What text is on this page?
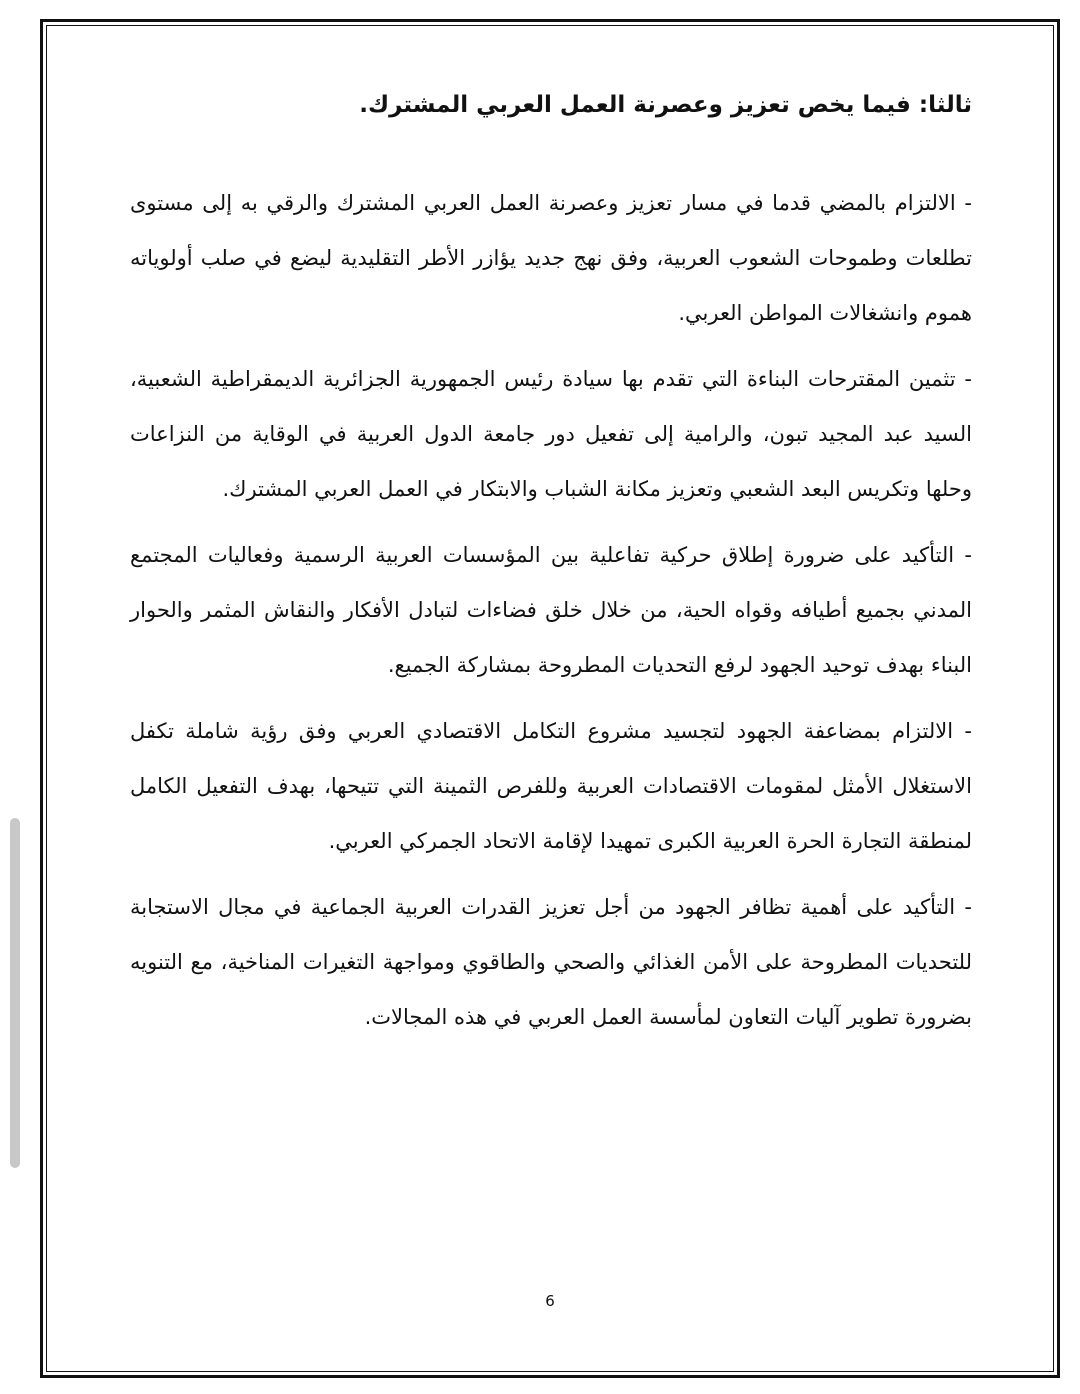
ثالثا: فيما يخص تعزيز وعصرنة العمل العربي المشترك.

- الالتزام بالمضي قدما في مسار تعزيز وعصرنة العمل العربي المشترك والرقي به إلى مستوى تطلعات وطموحات الشعوب العربية، وفق نهج جديد يؤازر الأطر التقليدية ليضع في صلب أولوياته هموم وانشغالات المواطن العربي.

- تثمين المقترحات البناءة التي تقدم بها سيادة رئيس الجمهورية الجزائرية الديمقراطية الشعبية، السيد عبد المجيد تبون، والرامية إلى تفعيل دور جامعة الدول العربية في الوقاية من النزاعات وحلها وتكريس البعد الشعبي وتعزيز مكانة الشباب والابتكار في العمل العربي المشترك.

- التأكيد على ضرورة إطلاق حركية تفاعلية بين المؤسسات العربية الرسمية وفعاليات المجتمع المدني بجميع أطيافه وقواه الحية، من خلال خلق فضاءات لتبادل الأفكار والنقاش المثمر والحوار البناء بهدف توحيد الجهود لرفع التحديات المطروحة بمشاركة الجميع.

- الالتزام بمضاعفة الجهود لتجسيد مشروع التكامل الاقتصادي العربي وفق رؤية شاملة تكفل الاستغلال الأمثل لمقومات الاقتصادات العربية وللفرص الثمينة التي تتيحها، بهدف التفعيل الكامل لمنطقة التجارة الحرة العربية الكبرى تمهيدا لإقامة الاتحاد الجمركي العربي.

- التأكيد على أهمية تظافر الجهود من أجل تعزيز القدرات العربية الجماعية في مجال الاستجابة للتحديات المطروحة على الأمن الغذائي والصحي والطاقوي ومواجهة التغيرات المناخية، مع التنويه بضرورة تطوير آليات التعاون لمأسسة العمل العربي في هذه المجالات.

6
